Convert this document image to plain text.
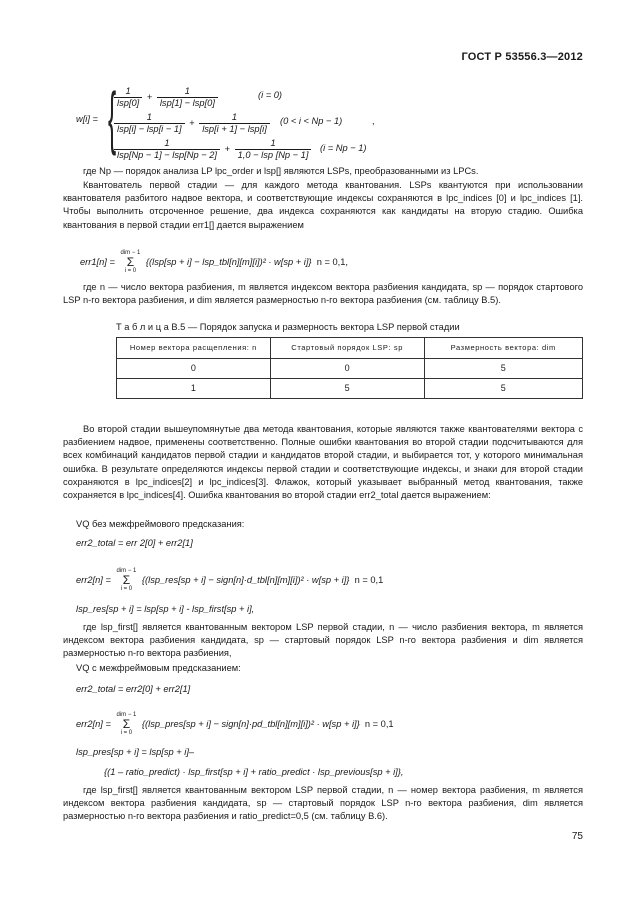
ГОСТ Р 53556.3—2012
w[i] = {
$\frac{1}{\text{lsp[0]}} + \frac{1}{\text{lsp[1] − lsp[0]}}$	(i = 0)
$\frac{1}{\text{lsp[i] − lsp[i − 1]}} + \frac{1}{\text{lsp[i + 1] − lsp[i]}} (0 < i < Np - 1)$	,
$\frac{1}{\text{lsp[Np − 1] − lsp[Np − 2]}} + \frac{1}{\text{1,0 − lsp [Np − 1]}} (i = Np - 1)$

где Np — порядок анализа LP lpc_order и lsp[] являются LSPs, преобразованными из LPCs.

Квантователь первой стадии — для каждого метода квантования. LSPs квантуются при использовании квантователя разбитого надвое вектора, и соответствующие индексы сохраняются в lpc_indices [0] и lpc_indices [1]. Чтобы выполнить отсроченное решение, два индекса сохраняются как кандидаты на вторую стадию. Ошибка квантования в первой стадии err1[] дается выражением

err1[n] = dim − 1
Σ
i = 0 {(lsp[sp + i] − lsp_tbl[n][m][i])² · w[sp + i]} n = 0,1,

где n — число вектора разбиения, m является индексом вектора разбиения кандидата, sp — порядок стартового LSP n-го вектора разбиения, и dim является размерностью n-го вектора разбиения (см. таблицу В.5).

Т а б л и ц а В.5 — Порядок запуска и размерность вектора LSP первой стадии
Номер вектора расщепления: n	Стартовый порядок LSP: sp	Размерность вектора: dim
0	0	5
1	5	5

Во второй стадии вышеупомянутые два метода квантования, которые являются также квантователями вектора с разбиением надвое, применены соответственно. Полные ошибки квантования во второй стадии подсчитываются для всех комбинаций кандидатов первой стадии и кандидатов второй стадии, и выбирается тот, у которого минимальная ошибка. В результате определяются индексы первой стадии и соответствующие индексы, и знаки для второй стадии сохраняются в lpc_indices[2] и lpc_indices[3]. Флажок, который указывает выбранный метод квантования, также сохраняется в lpc_indices[4]. Ошибка квантования во второй стадии err2_total дается выражением:

VQ без межфреймового предсказания:
err2_total = err 2[0] + err2[1]
err2[n] = dim − 1
Σ
i = 0 {(lsp_res[sp + i] − sign[n]·d_tbl[n][m][i])² · w[sp + i]} n = 0,1
lsp_res[sp + i] = lsp[sp + i] - lsp_first[sp + i],

где lsp_first[] является квантованным вектором LSP первой стадии, n — число разбиения вектора, m является индексом вектора разбиения кандидата, sp — стартовый порядок LSP n-го вектора разбиения и dim является размерностью n-го вектора разбиения,

VQ с межфреймовым предсказанием:
err2_total = err2[0] + err2[1]
err2[n] = dim − 1
Σ
i = 0 {(lsp_pres[sp + i] − sign[n]·pd_tbl[n][m][i])² · w[sp + i]} n = 0,1
lsp_pres[sp + i] = lsp[sp + i]–
{(1 – ratio_predict) · lsp_first[sp + i] + ratio_predict · lsp_previous[sp + i]},

где lsp_first[] является квантованным вектором LSP первой стадии, n — номер вектора разбиения, m является индексом вектора разбиения кандидата, sp — стартовый порядок LSP n-го вектора разбиения, dim является размерностью n-го вектора разбиения и ratio_predict=0,5 (см. таблицу В.6).

75
